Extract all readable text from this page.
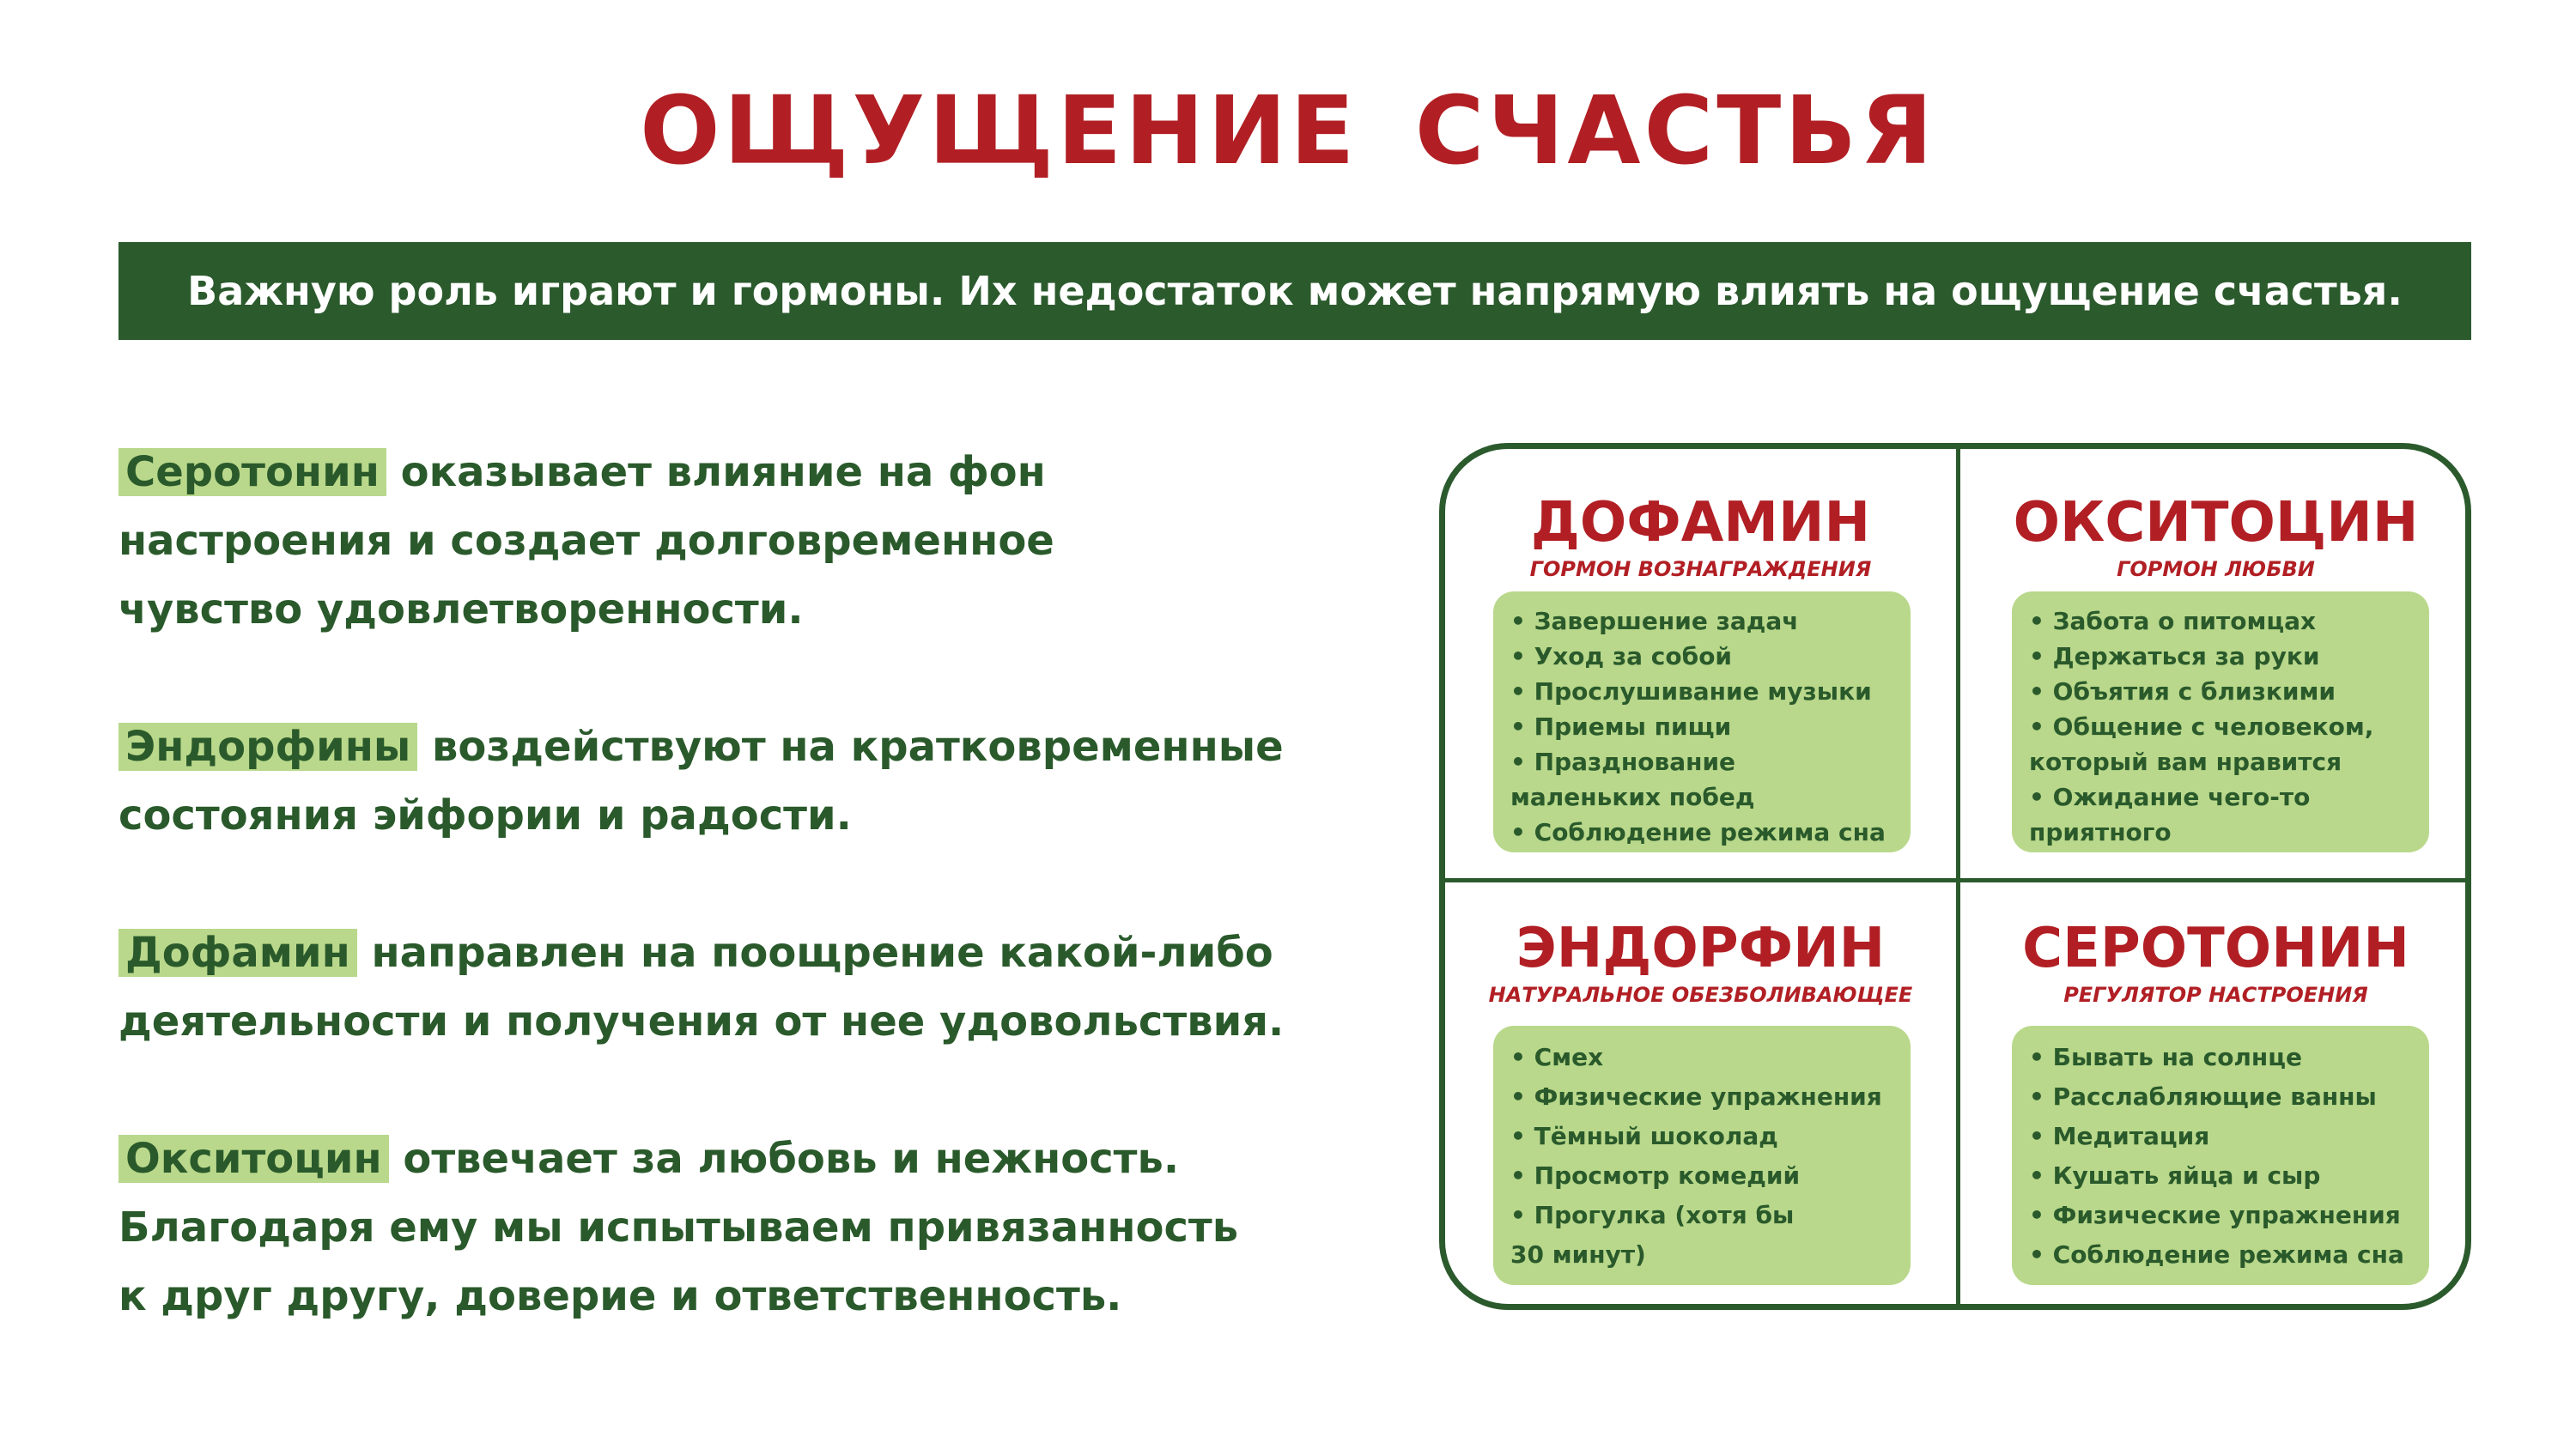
ОЩУЩЕНИЕ СЧАСТЬЯ
Важную роль играют и гормоны. Их недостаток может напрямую влиять на ощущение счастья.

Серотонин оказывает влияние на фон
настроения и создает долговременное
чувство удовлетворенности.

Эндорфины воздействуют на кратковременные
состояния эйфории и радости.

Дофамин направлен на поощрение какой-либо
деятельности и получения от нее удовольствия.

Окситоцин отвечает за любовь и нежность.
Благодаря ему мы испытываем привязанность
к друг другу, доверие и ответственность.

ДОФАМИН
ГОРМОН ВОЗНАГРАЖДЕНИЯ
• Завершение задач
• Уход за собой
• Прослушивание музыки
• Приемы пищи
• Празднование
маленьких побед
• Соблюдение режима сна
ОКСИТОЦИН
ГОРМОН ЛЮБВИ
• Забота о питомцах
• Держаться за руки
• Объятия с близкими
• Общение с человеком,
который вам нравится
• Ожидание чего-то
приятного
ЭНДОРФИН
НАТУРАЛЬНОЕ ОБЕЗБОЛИВАЮЩЕЕ
• Смех
• Физические упражнения
• Тёмный шоколад
• Просмотр комедий
• Прогулка (хотя бы
30 минут)
СЕРОТОНИН
РЕГУЛЯТОР НАСТРОЕНИЯ
• Бывать на солнце
• Расслабляющие ванны
• Медитация
• Кушать яйца и сыр
• Физические упражнения
• Соблюдение режима сна
